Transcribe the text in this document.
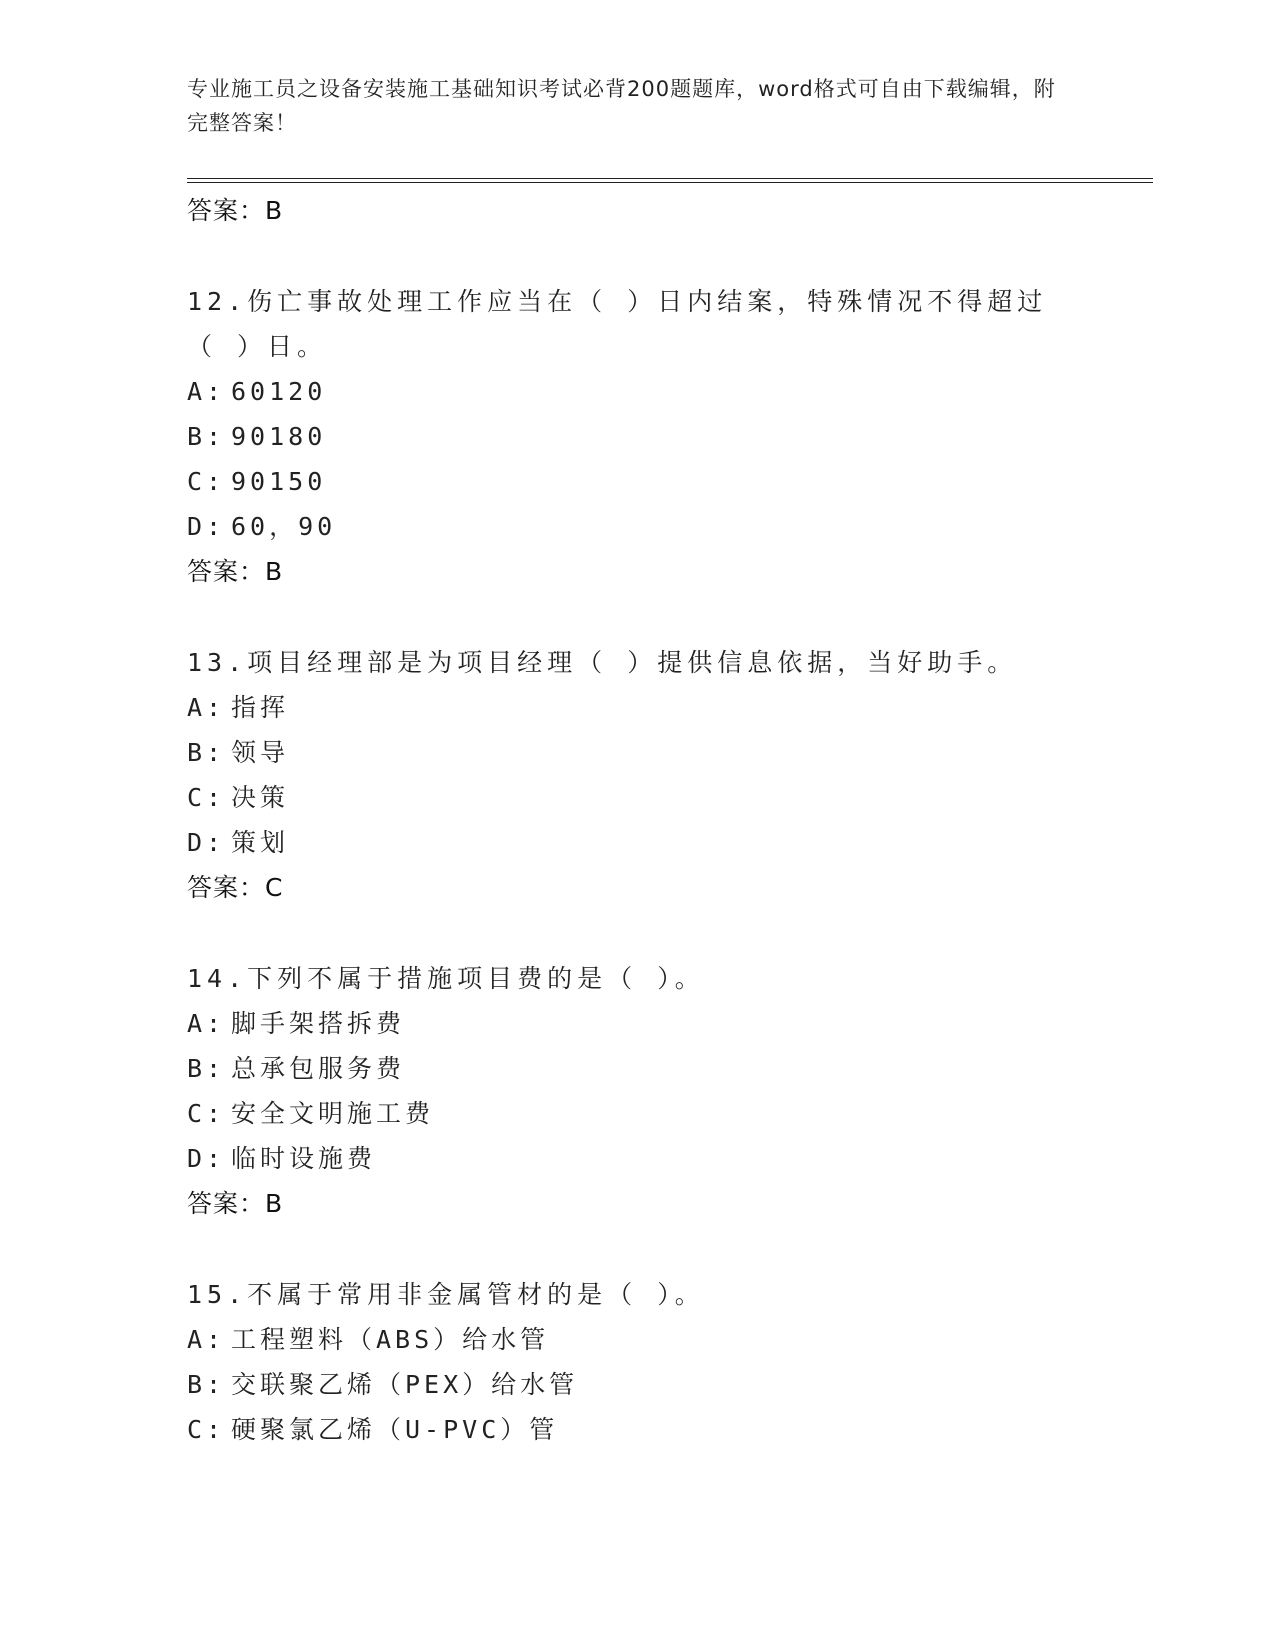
专业施工员之设备安装施工基础知识考试必背200题题库，word格式可自由下载编辑，附完整答案！
答案：B
12.伤亡事故处理工作应当在（ ）日内结案，特殊情况不得超过（ ）日。
A: 60120
B: 90180
C: 90150
D: 60，90
答案：B
13.项目经理部是为项目经理（ ）提供信息依据，当好助手。
A: 指挥
B: 领导
C: 决策
D: 策划
答案：C
14.下列不属于措施项目费的是（ ）。
A: 脚手架搭拆费
B: 总承包服务费
C: 安全文明施工费
D: 临时设施费
答案：B
15.不属于常用非金属管材的是（ ）。
A: 工程塑料（ABS）给水管
B: 交联聚乙烯（PEX）给水管
C: 硬聚氯乙烯（U-PVC）管
